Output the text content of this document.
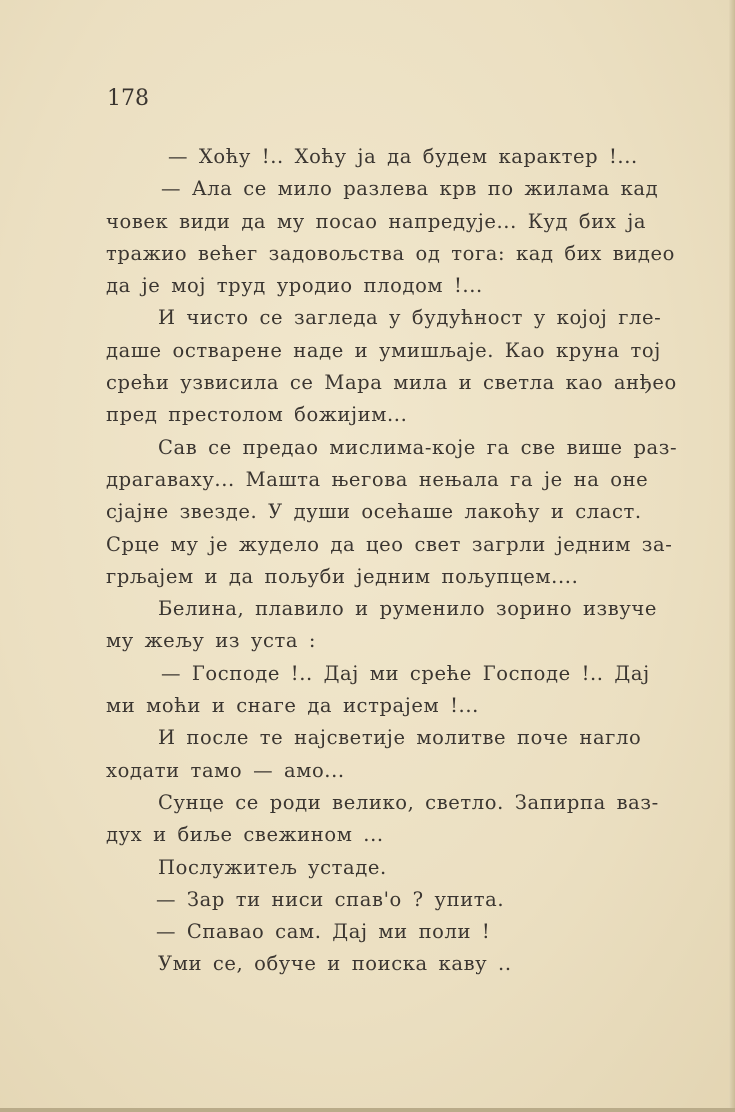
178
— Хоћу !.. Хоћу ја да будем карактер !...
— Ала се мило разлева крв по жилама кад
човек види да му посао напредује... Куд бих ја
тражио већег задовољства од тога: кад бих видео
да је мој труд уродио плодом !...
И чисто се загледа у будућност у којој гле-
даше остварене наде и умишљаје. Као круна тој
срећи узвисила се Мара мила и светла као анђео
пред престолом божијим...
Сав се предао мислима-које га све више раз-
драгаваху... Машта његова нењала га је на оне
сјајне звезде. У души осећаше лакоћу и сласт.
Срце му је жудело да цео свет загрли једним за-
грљајем и да пољуби једним пољупцем....
Белина, плавило и руменило зорино извуче
му жељу из уста :
— Господе !.. Дај ми среће Господе !.. Дај
ми моћи и снаге да истрајем !...
И после те најсветије молитве поче нагло
ходати тамо — амо...
Сунце се роди велико, светло. Запирпа ваз-
дух и биље свежином ...
Послужитељ устаде.
— Зар ти ниси спав'о ? упита.
— Спавао сам. Дај ми поли !
Уми се, обуче и поиска каву ..
